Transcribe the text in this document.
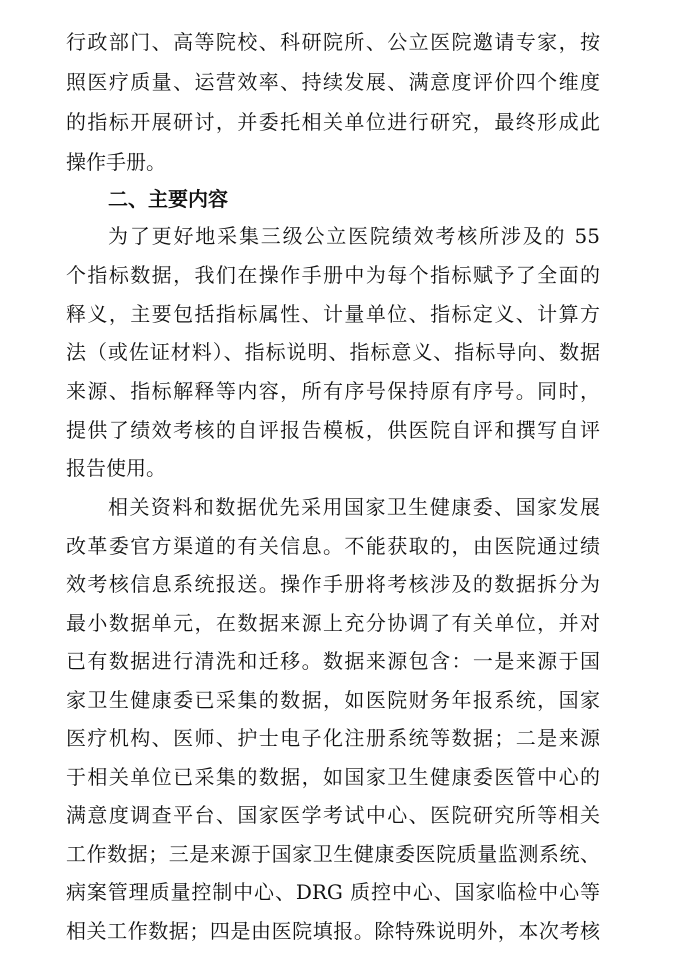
行政部门、高等院校、科研院所、公立医院邀请专家，按
照医疗质量、运营效率、持续发展、满意度评价四个维度
的指标开展研讨，并委托相关单位进行研究，最终形成此
操作手册。
二、主要内容
为了更好地采集三级公立医院绩效考核所涉及的 55
个指标数据，我们在操作手册中为每个指标赋予了全面的
释义，主要包括指标属性、计量单位、指标定义、计算方
法（或佐证材料）、指标说明、指标意义、指标导向、数据
来源、指标解释等内容，所有序号保持原有序号。同时，
提供了绩效考核的自评报告模板，供医院自评和撰写自评
报告使用。
相关资料和数据优先采用国家卫生健康委、国家发展
改革委官方渠道的有关信息。不能获取的，由医院通过绩
效考核信息系统报送。操作手册将考核涉及的数据拆分为
最小数据单元，在数据来源上充分协调了有关单位，并对
已有数据进行清洗和迁移。数据来源包含：一是来源于国
家卫生健康委已采集的数据，如医院财务年报系统，国家
医疗机构、医师、护士电子化注册系统等数据；二是来源
于相关单位已采集的数据，如国家卫生健康委医管中心的
满意度调查平台、国家医学考试中心、医院研究所等相关
工作数据；三是来源于国家卫生健康委医院质量监测系统、
病案管理质量控制中心、DRG 质控中心、国家临检中心等
相关工作数据；四是由医院填报。除特殊说明外，本次考核
